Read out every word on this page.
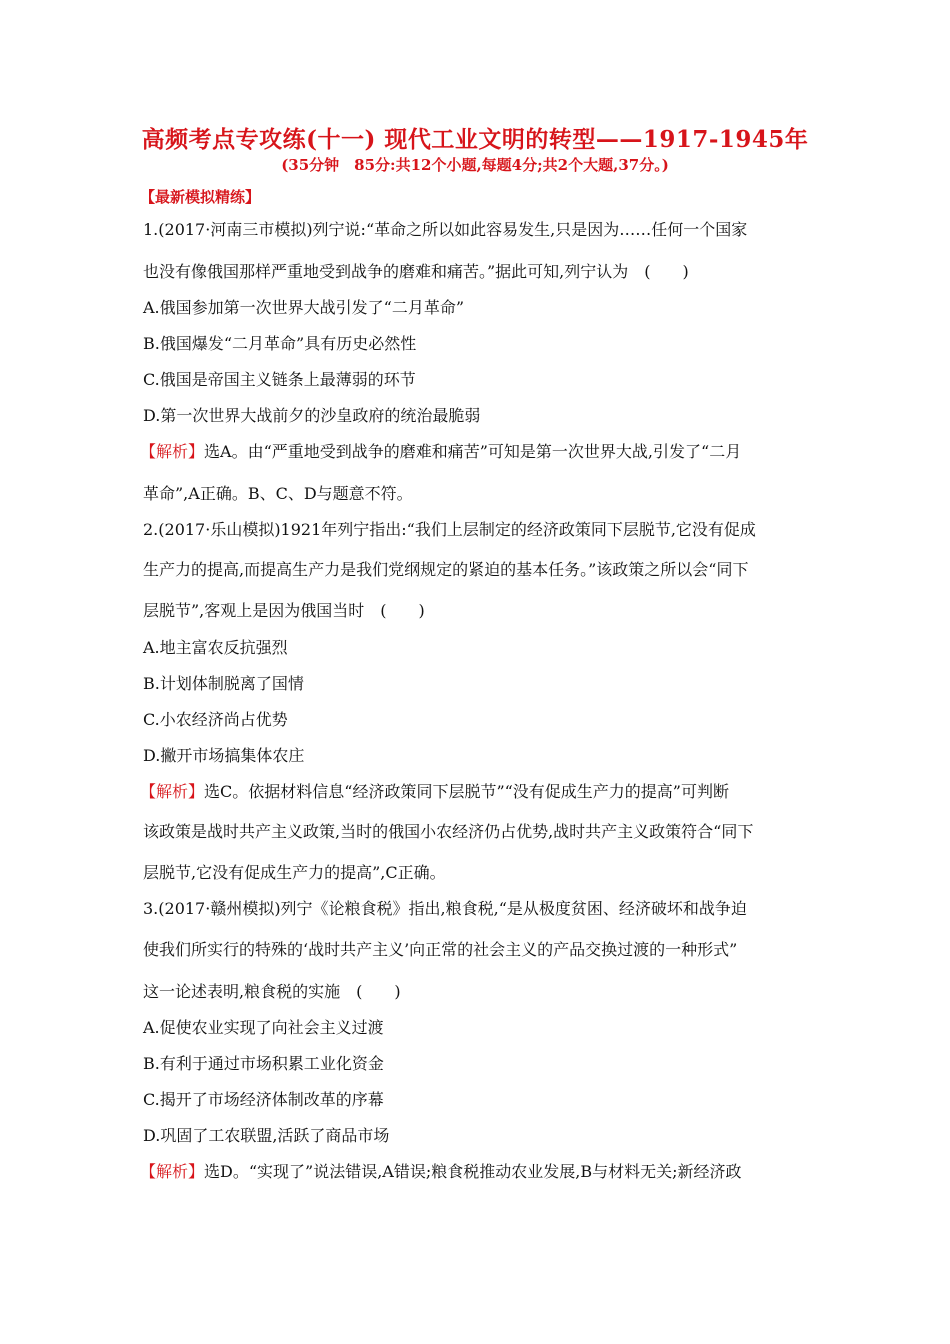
高频考点专攻练(十一) 现代工业文明的转型——1917-1945年
(35分钟　85分:共12个小题,每题4分;共2个大题,37分。)
【最新模拟精练】
1.(2017·河南三市模拟)列宁说:“革命之所以如此容易发生,只是因为……任何一个国家
也没有像俄国那样严重地受到战争的磨难和痛苦。”据此可知,列宁认为　(　　)
A.俄国参加第一次世界大战引发了“二月革命”
B.俄国爆发“二月革命”具有历史必然性
C.俄国是帝国主义链条上最薄弱的环节
D.第一次世界大战前夕的沙皇政府的统治最脆弱
【解析】选A。由“严重地受到战争的磨难和痛苦”可知是第一次世界大战,引发了“二月
革命”,A正确。B、C、D与题意不符。
2.(2017·乐山模拟)1921年列宁指出:“我们上层制定的经济政策同下层脱节,它没有促成
生产力的提高,而提高生产力是我们党纲规定的紧迫的基本任务。”该政策之所以会“同下
层脱节”,客观上是因为俄国当时　(　　)
A.地主富农反抗强烈
B.计划体制脱离了国情
C.小农经济尚占优势
D.撇开市场搞集体农庄
【解析】选C。依据材料信息“经济政策同下层脱节”“没有促成生产力的提高”可判断
该政策是战时共产主义政策,当时的俄国小农经济仍占优势,战时共产主义政策符合“同下
层脱节,它没有促成生产力的提高”,C正确。
3.(2017·赣州模拟)列宁《论粮食税》指出,粮食税,“是从极度贫困、经济破坏和战争迫
使我们所实行的特殊的‘战时共产主义’向正常的社会主义的产品交换过渡的一种形式”
这一论述表明,粮食税的实施　(　　)
A.促使农业实现了向社会主义过渡
B.有利于通过市场积累工业化资金
C.揭开了市场经济体制改革的序幕
D.巩固了工农联盟,活跃了商品市场
【解析】选D。“实现了”说法错误,A错误;粮食税推动农业发展,B与材料无关;新经济政
